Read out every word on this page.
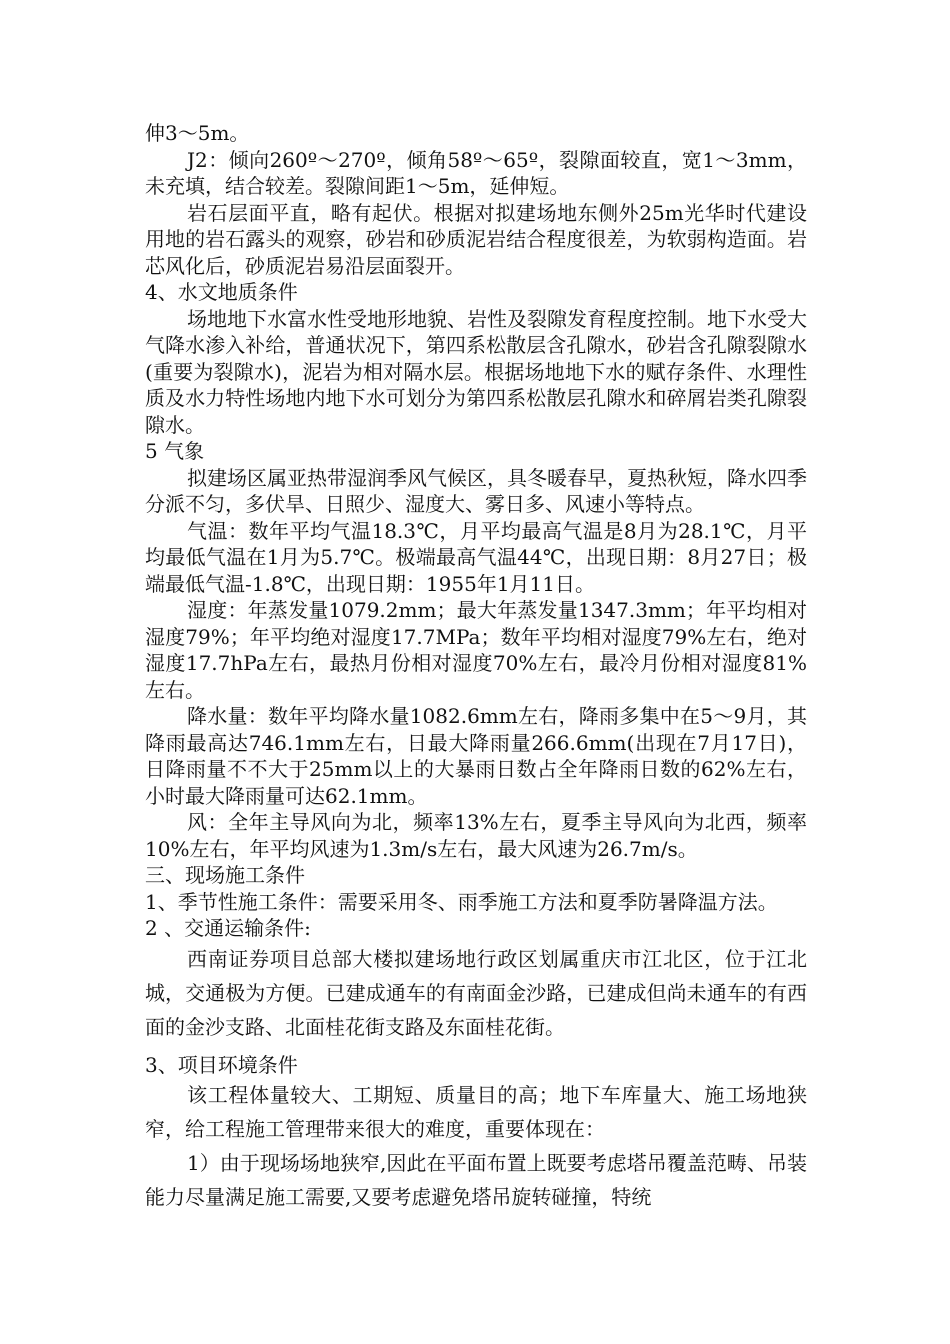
伸3～5m。

J2：倾向260º～270º，倾角58º～65º，裂隙面较直，宽1～3mm，未充填，结合较差。裂隙间距1～5m，延伸短。

岩石层面平直，略有起伏。根据对拟建场地东侧外25m光华时代建设用地的岩石露头的观察，砂岩和砂质泥岩结合程度很差，为软弱构造面。岩芯风化后，砂质泥岩易沿层面裂开。

4、水文地质条件

场地地下水富水性受地形地貌、岩性及裂隙发育程度控制。地下水受大气降水渗入补给，普通状况下，第四系松散层含孔隙水，砂岩含孔隙裂隙水(重要为裂隙水)，泥岩为相对隔水层。根据场地地下水的赋存条件、水理性质及水力特性场地内地下水可划分为第四系松散层孔隙水和碎屑岩类孔隙裂隙水。

5 气象

拟建场区属亚热带湿润季风气候区，具冬暖春早，夏热秋短，降水四季分派不匀，多伏旱、日照少、湿度大、雾日多、风速小等特点。

气温：数年平均气温18.3℃，月平均最高气温是8月为28.1℃，月平均最低气温在1月为5.7℃。极端最高气温44℃，出现日期：8月27日；极端最低气温-1.8℃，出现日期：1955年1月11日。

湿度：年蒸发量1079.2mm；最大年蒸发量1347.3mm；年平均相对湿度79%；年平均绝对湿度17.7MPa；数年平均相对湿度79%左右，绝对湿度17.7hPa左右，最热月份相对湿度70%左右，最冷月份相对湿度81%左右。

降水量：数年平均降水量1082.6mm左右，降雨多集中在5～9月，其降雨最高达746.1mm左右，日最大降雨量266.6mm(出现在7月17日)，日降雨量不不大于25mm以上的大暴雨日数占全年降雨日数的62%左右，小时最大降雨量可达62.1mm。

风：全年主导风向为北，频率13%左右，夏季主导风向为北西，频率10%左右，年平均风速为1.3m/s左右，最大风速为26.7m/s。

三、现场施工条件

1、季节性施工条件：需要采用冬、雨季施工方法和夏季防暑降温方法。

2 、交通运输条件:

西南证券项目总部大楼拟建场地行政区划属重庆市江北区，位于江北城，交通极为方便。已建成通车的有南面金沙路，已建成但尚未通车的有西面的金沙支路、北面桂花街支路及东面桂花街。

3、项目环境条件

该工程体量较大、工期短、质量目的高；地下车库量大、施工场地狭窄，给工程施工管理带来很大的难度，重要体现在：

1）由于现场场地狭窄,因此在平面布置上既要考虑塔吊覆盖范畴、吊装能力尽量满足施工需要,又要考虑避免塔吊旋转碰撞，特统
